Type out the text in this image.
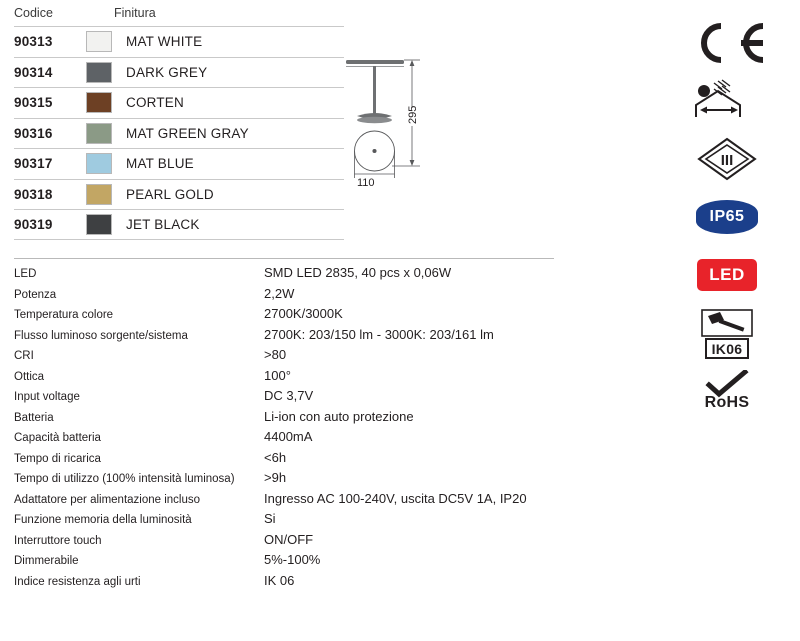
Codice	Finitura
90313	MAT WHITE
90314	DARK GREY
90315	CORTEN
90316	MAT GREEN GRAY
90317	MAT BLUE
90318	PEARL GOLD
90319	JET BLACK
295
110
LED	SMD LED 2835, 40 pcs x 0,06W
Potenza	2,2W
Temperatura colore	2700K/3000K
Flusso luminoso sorgente/sistema	2700K: 203/150 lm - 3000K: 203/161 lm
CRI	>80
Ottica	100°
Input voltage	DC 3,7V
Batteria	Li-ion con auto protezione
Capacità batteria	4400mA
Tempo di ricarica	<6h
Tempo di utilizzo (100% intensità luminosa)	>9h
Adattatore per alimentazione incluso	Ingresso AC 100-240V, uscita DC5V 1A, IP20
Funzione memoria della luminosità	Si
Interruttore touch	ON/OFF
Dimmerabile	5%-100%
Indice resistenza agli urti	IK 06
III
IP65
LED
IK06
RoHS
